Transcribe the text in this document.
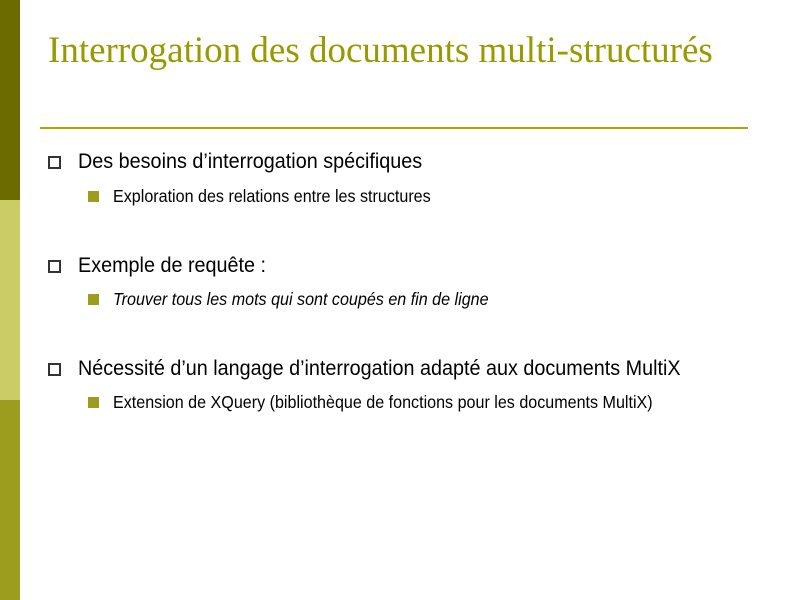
Interrogation des documents multi-structurés
Des besoins d’interrogation spécifiques
Exploration des relations entre les structures
Exemple de requête :
Trouver tous les mots qui sont coupés en fin de ligne
Nécessité d’un langage d’interrogation adapté aux documents MultiX
Extension de XQuery (bibliothèque de fonctions pour les documents MultiX)
